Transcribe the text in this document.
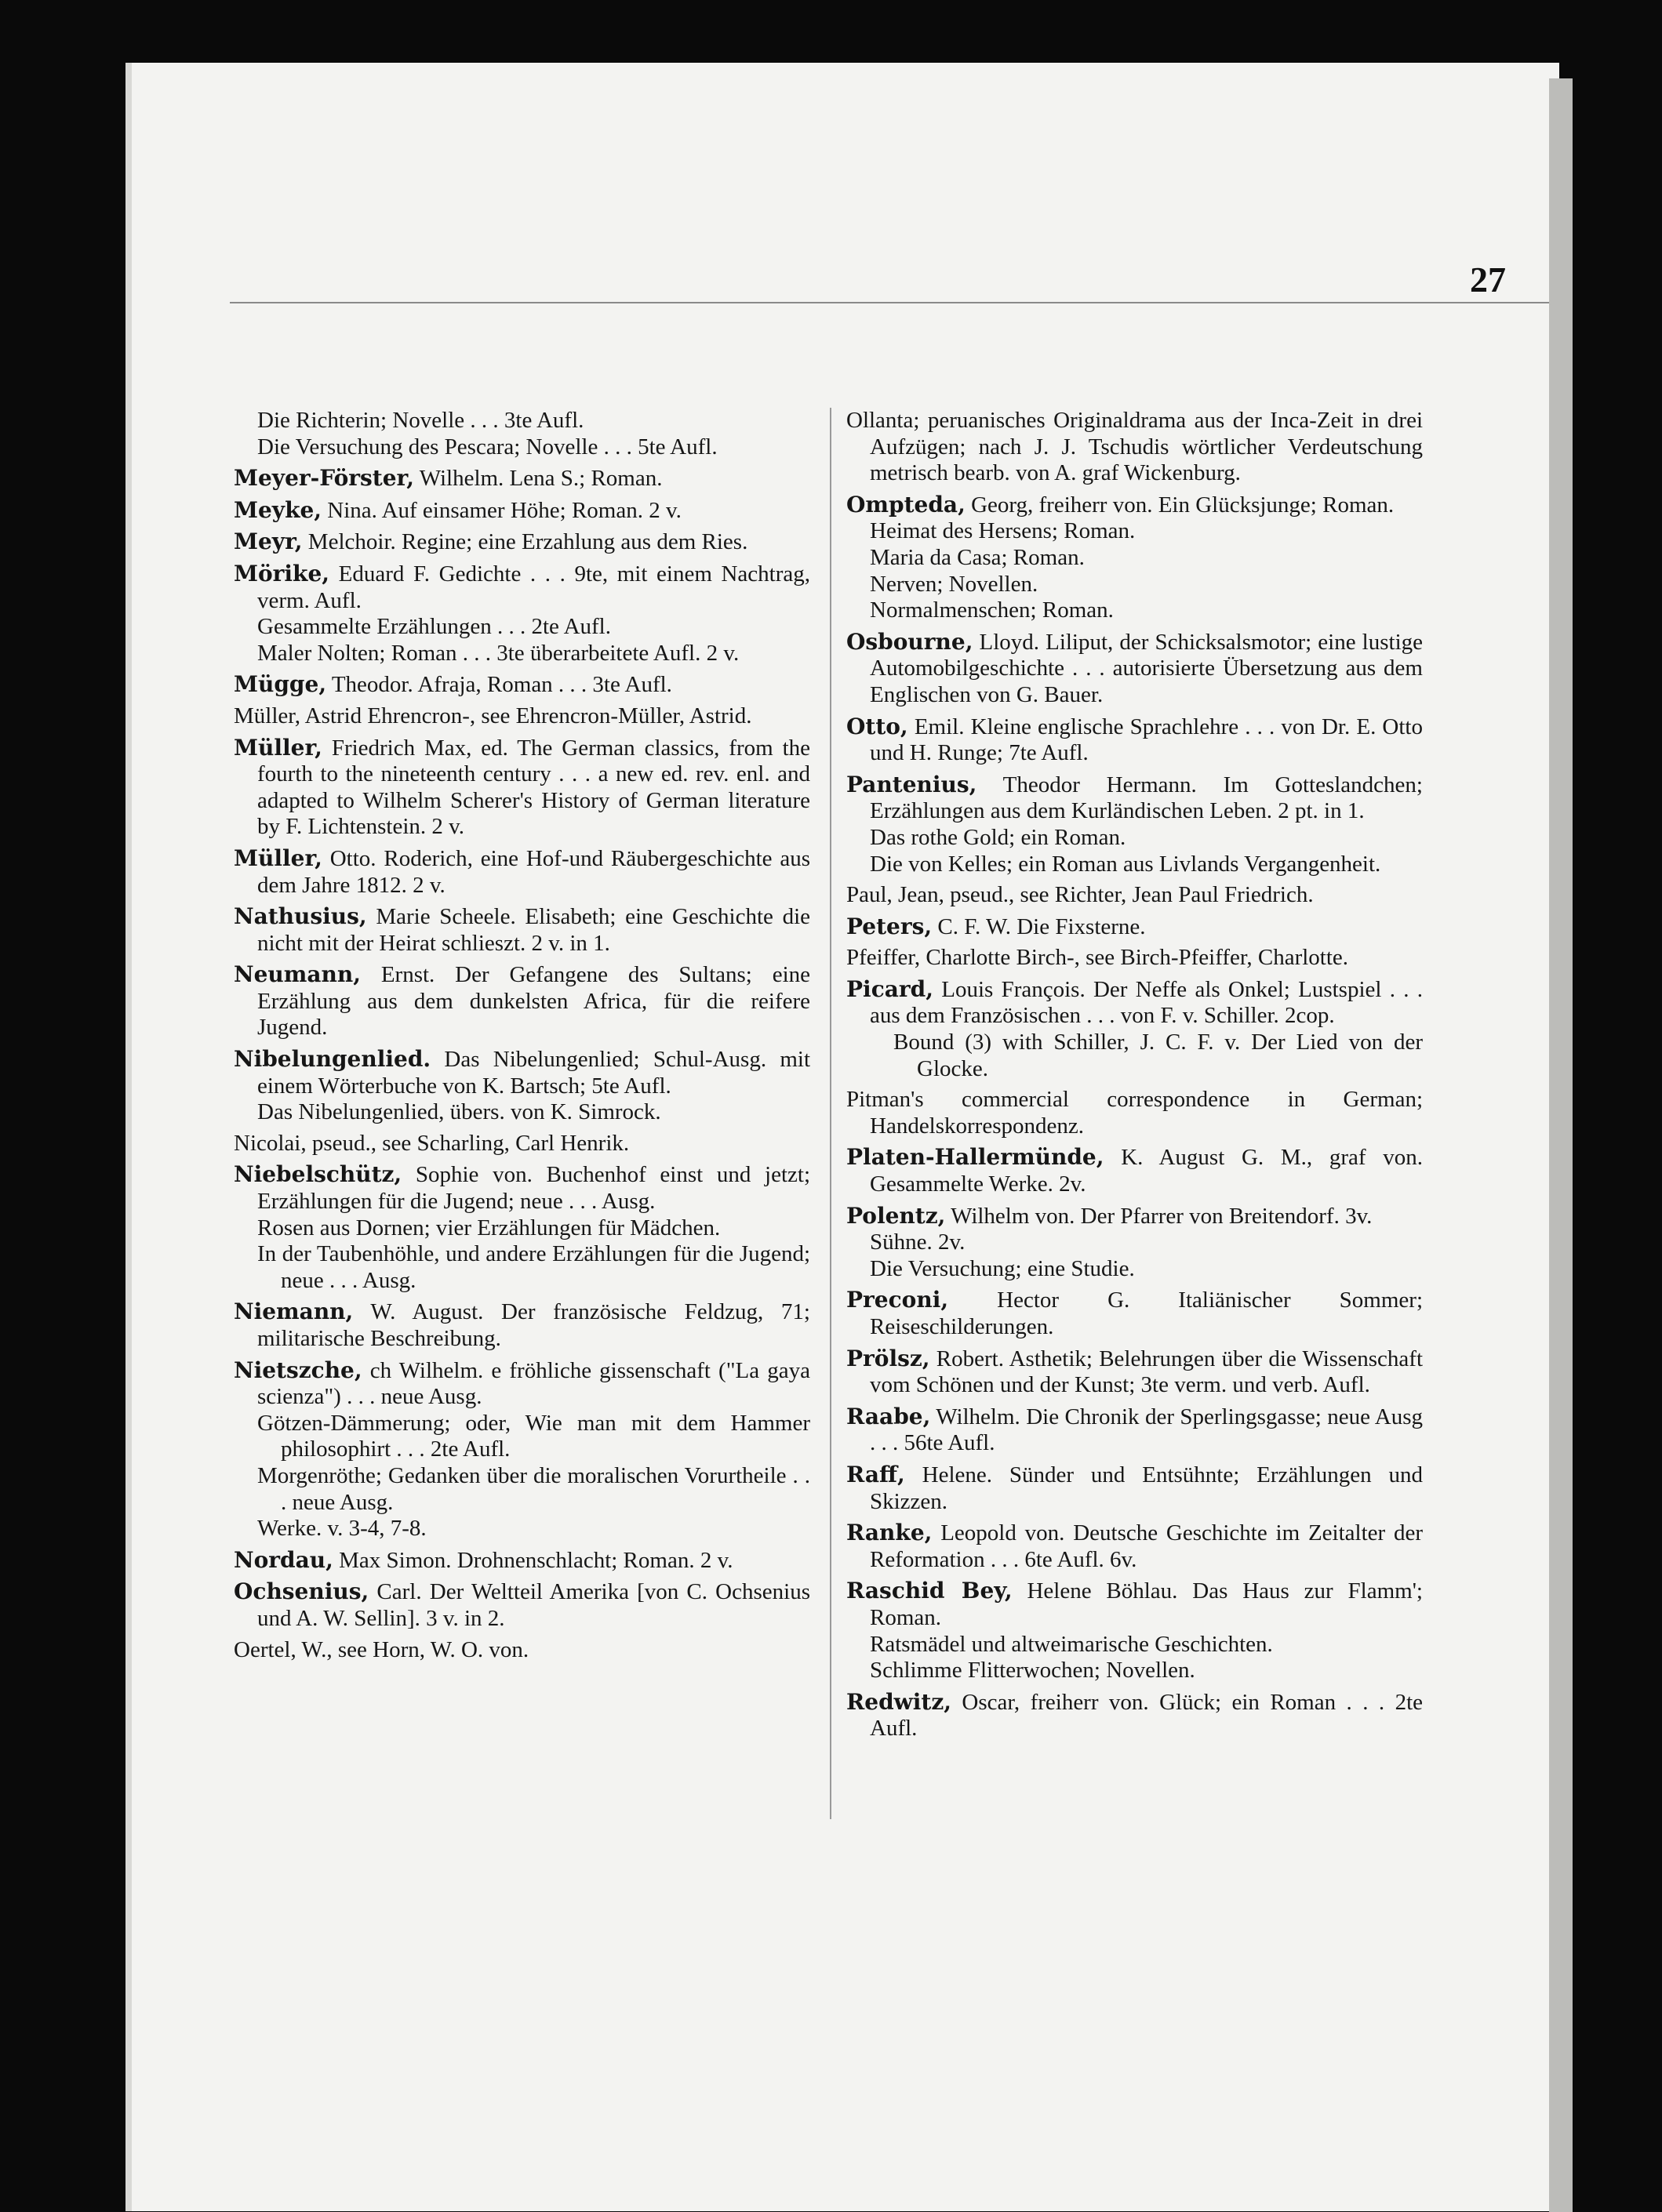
27
Die Richterin; Novelle . . . 3te Aufl.
Die Versuchung des Pescara; Novelle . . . 5te Aufl.
Meyer-Förster, Wilhelm. Lena S.; Roman.
Meyke, Nina. Auf einsamer Höhe; Roman. 2 v.
Meyr, Melchoir. Regine; eine Erzahlung aus dem Ries.
Mörike, Eduard F. Gedichte . . . 9te, mit einem Nachtrag, verm. Aufl.
Gesammelte Erzählungen . . . 2te Aufl.
Maler Nolten; Roman . . . 3te überarbeitete Aufl. 2 v.
Mügge, Theodor. Afraja, Roman . . . 3te Aufl.
Müller, Astrid Ehrencron-, see Ehrencron-Müller, Astrid.
Müller, Friedrich Max, ed. The German classics, from the fourth to the nineteenth century . . . a new ed. rev. enl. and adapted to Wilhelm Scherer's History of German literature by F. Lichtenstein. 2 v.
Müller, Otto. Roderich, eine Hof-und Räubergeschichte aus dem Jahre 1812. 2 v.
Nathusius, Marie Scheele. Elisabeth; eine Geschichte die nicht mit der Heirat schlieszt. 2 v. in 1.
Neumann, Ernst. Der Gefangene des Sultans; eine Erzählung aus dem dunkelsten Africa, für die reifere Jugend.
Nibelungenlied. Das Nibelungenlied; Schul-Ausg. mit einem Wörterbuche von K. Bartsch; 5te Aufl.
Das Nibelungenlied, übers. von K. Simrock.
Nicolai, pseud., see Scharling, Carl Henrik.
Niebelschütz, Sophie von. Buchenhof einst und jetzt; Erzählungen für die Jugend; neue . . . Ausg.
Rosen aus Dornen; vier Erzählungen für Mädchen.
In der Taubenhöhle, und andere Erzählungen für die Jugend; neue . . . Ausg.
Niemann, W. August. Der französische Feldzug, 71; militarische Beschreibung.
Nietszche, ch Wilhelm. e fröhliche gissenschaft ("La gaya scienza") . . . neue Ausg.
Götzen-Dämmerung; oder, Wie man mit dem Hammer philosophirt . . . 2te Aufl.
Morgenröthe; Gedanken über die moralischen Vorurtheile . . . neue Ausg.
Werke. v. 3-4, 7-8.
Nordau, Max Simon. Drohnenschlacht; Roman. 2 v.
Ochsenius, Carl. Der Weltteil Amerika [von C. Ochsenius und A. W. Sellin]. 3 v. in 2.
Oertel, W., see Horn, W. O. von.
Ollanta; peruanisches Originaldrama aus der Inca-Zeit in drei Aufzügen; nach J. J. Tschudis wörtlicher Verdeutschung metrisch bearb. von A. graf Wickenburg.
Ompteda, Georg, freiherr von. Ein Glücksjunge; Roman.
Heimat des Hersens; Roman.
Maria da Casa; Roman.
Nerven; Novellen.
Normalmenschen; Roman.
Osbourne, Lloyd. Liliput, der Schicksalsmotor; eine lustige Automobilgeschichte . . . autorisierte Übersetzung aus dem Englischen von G. Bauer.
Otto, Emil. Kleine englische Sprachlehre . . . von Dr. E. Otto und H. Runge; 7te Aufl.
Pantenius, Theodor Hermann. Im Gotteslandchen; Erzählungen aus dem Kurländischen Leben. 2 pt. in 1.
Das rothe Gold; ein Roman.
Die von Kelles; ein Roman aus Livlands Vergangenheit.
Paul, Jean, pseud., see Richter, Jean Paul Friedrich.
Peters, C. F. W. Die Fixsterne.
Pfeiffer, Charlotte Birch-, see Birch-Pfeiffer, Charlotte.
Picard, Louis François. Der Neffe als Onkel; Lustspiel . . . aus dem Französischen . . . von F. v. Schiller. 2cop.
Bound (3) with Schiller, J. C. F. v. Der Lied von der Glocke.
Pitman's commercial correspondence in German; Handelskorrespondenz.
Platen-Hallermünde, K. August G. M., graf von. Gesammelte Werke. 2v.
Polentz, Wilhelm von. Der Pfarrer von Breitendorf. 3v.
Sühne. 2v.
Die Versuchung; eine Studie.
Preconi, Hector G. Italiänischer Sommer; Reiseschilderungen.
Prölsz, Robert. Asthetik; Belehrungen über die Wissenschaft vom Schönen und der Kunst; 3te verm. und verb. Aufl.
Raabe, Wilhelm. Die Chronik der Sperlingsgasse; neue Ausg . . . 56te Aufl.
Raff, Helene. Sünder und Entsühnte; Erzählungen und Skizzen.
Ranke, Leopold von. Deutsche Geschichte im Zeitalter der Reformation . . . 6te Aufl. 6v.
Raschid Bey, Helene Böhlau. Das Haus zur Flamm'; Roman.
Ratsmädel und altweimarische Geschichten.
Schlimme Flitterwochen; Novellen.
Redwitz, Oscar, freiherr von. Glück; ein Roman . . . 2te Aufl.
